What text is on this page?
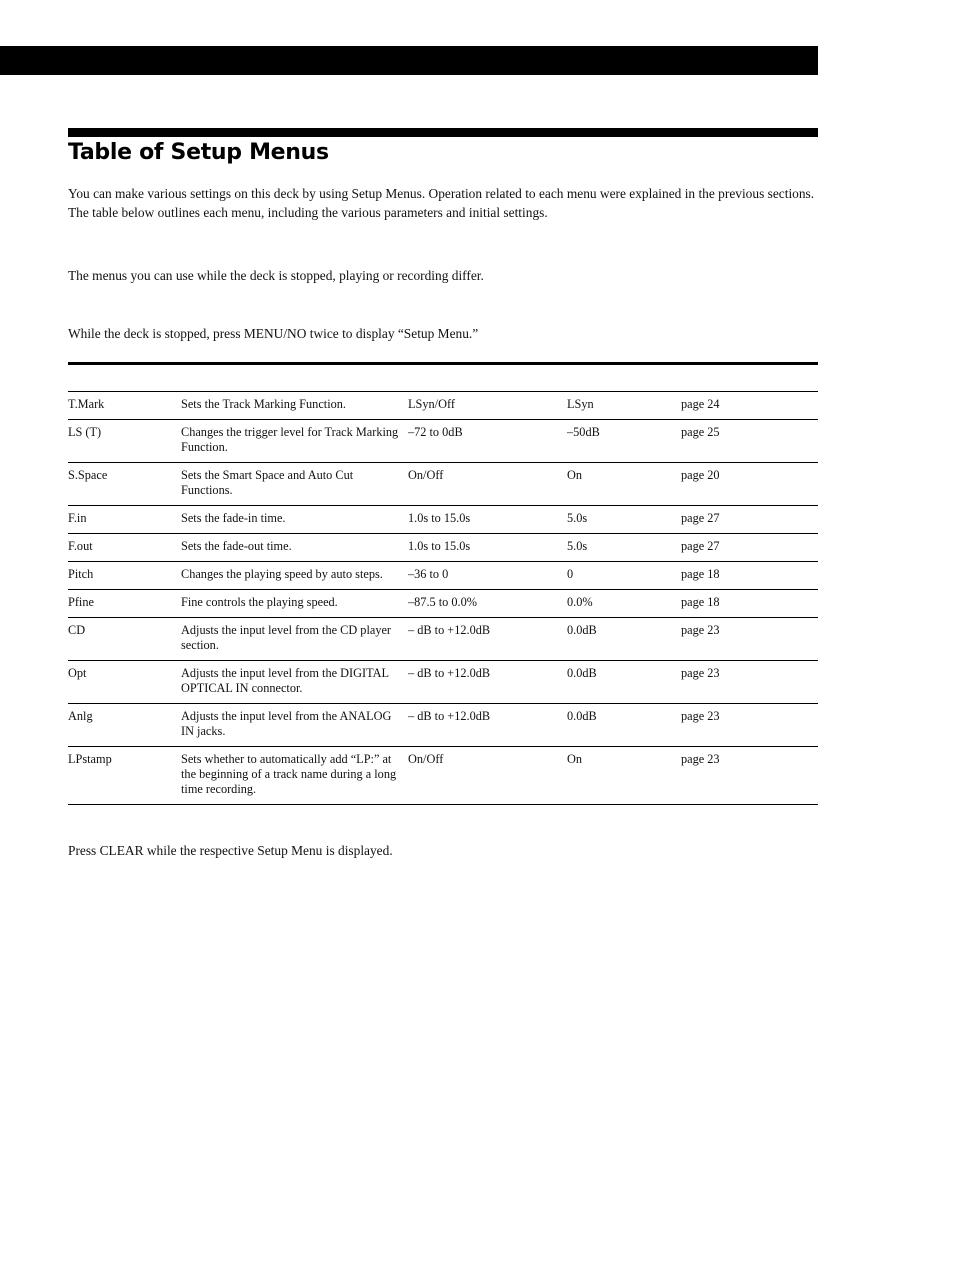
Table of Setup Menus

You can make various settings on this deck by using Setup Menus. Operation related to each menu were explained in the previous sections. The table below outlines each menu, including the various parameters and initial settings.

The menus you can use while the deck is stopped, playing or recording differ.

While the deck is stopped, press MENU/NO twice to display “Setup Menu.”

T.Mark	Sets the Track Marking Function.	LSyn/Off	LSyn	page 24
LS (T)	Changes the trigger level for Track Marking Function.	–72 to 0dB	–50dB	page 25
S.Space	Sets the Smart Space and Auto Cut Functions.	On/Off	On	page 20
F.in	Sets the fade-in time.	1.0s to 15.0s	5.0s	page 27
F.out	Sets the fade-out time.	1.0s to 15.0s	5.0s	page 27
Pitch	Changes the playing speed by auto steps.	–36 to 0	0	page 18
Pfine	Fine controls the playing speed.	–87.5 to 0.0%	0.0%	page 18
CD	Adjusts the input level from the CD player section.	– dB to +12.0dB	0.0dB	page 23
Opt	Adjusts the input level from the DIGITAL OPTICAL IN connector.	– dB to +12.0dB	0.0dB	page 23
Anlg	Adjusts the input level from the ANALOG IN jacks.	– dB to +12.0dB	0.0dB	page 23
LPstamp	Sets whether to automatically add “LP:” at the beginning of a track name during a long time recording.	On/Off	On	page 23

Press CLEAR while the respective Setup Menu is displayed.
